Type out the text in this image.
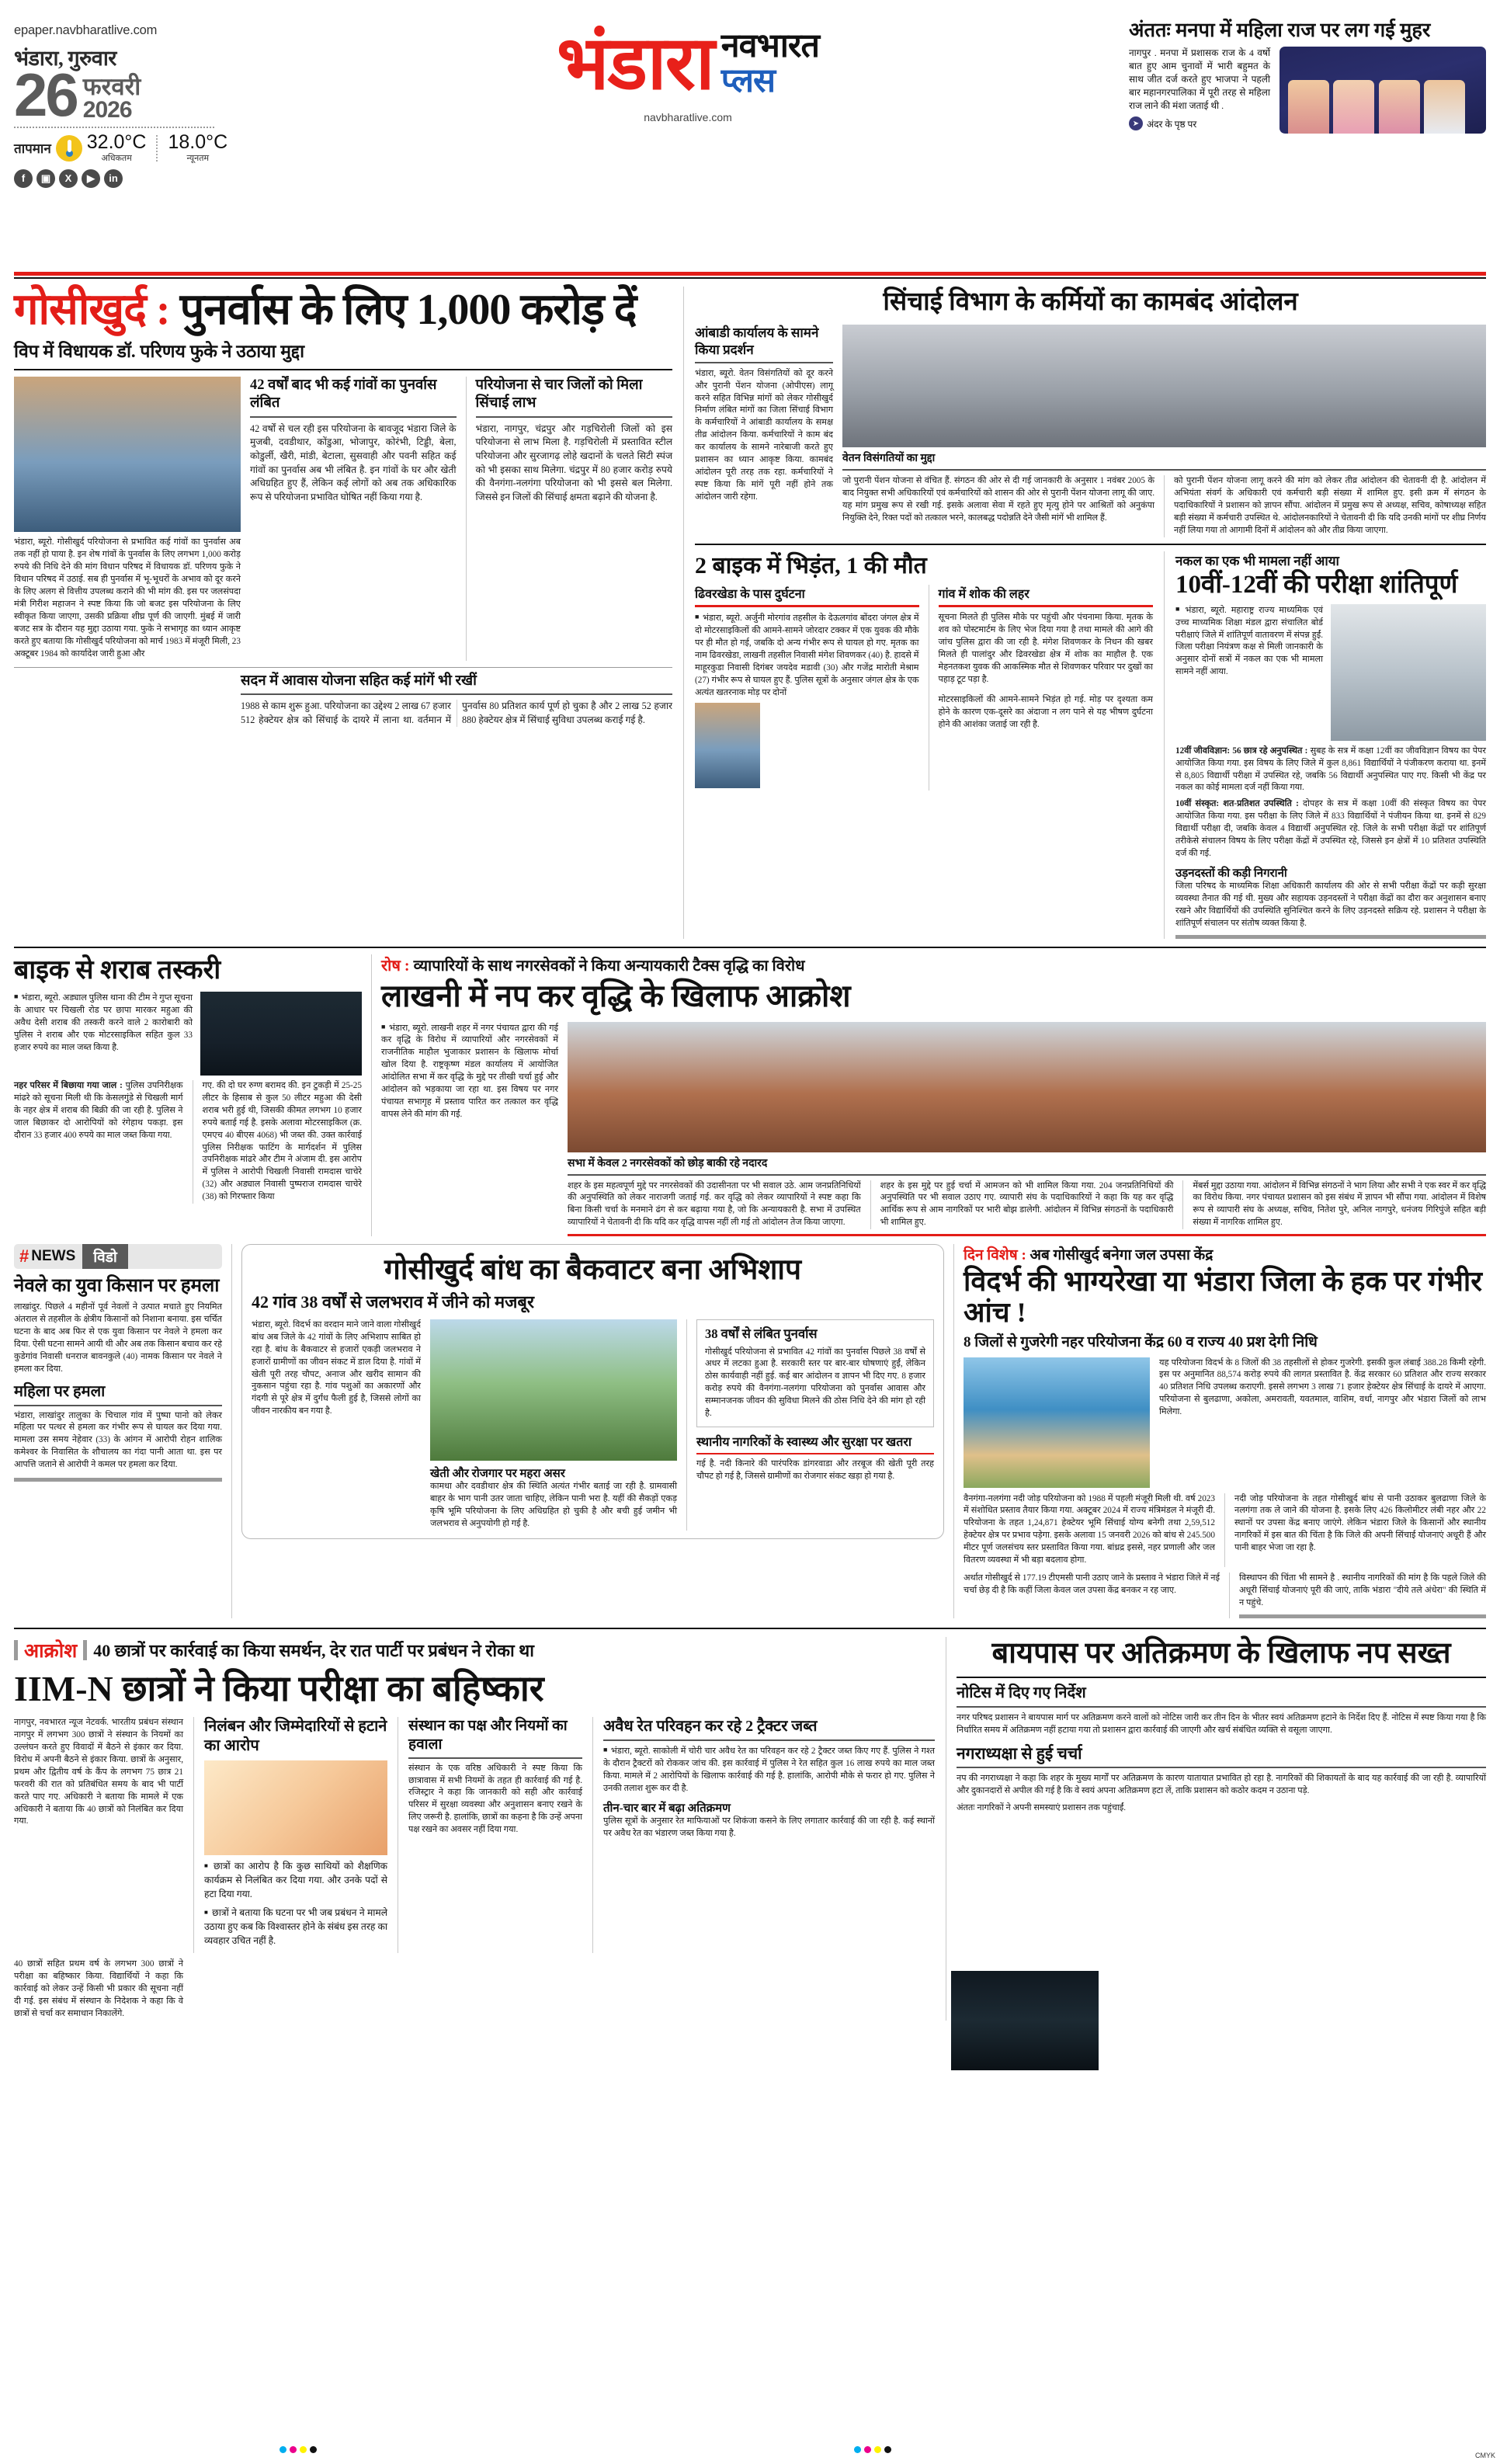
epaper.navbharatlive.com
भंडारा, गुरुवार
26 फरवरी
2026
तापमान 32.0°C
अधिकतम
18.0°C
न्यूनतम
f	▣	X	▶	in
भंडारा नवभारत
प्लस
navbharatlive.com
अंततः मनपा में महिला राज पर लग गई मुहर
नागपुर . मनपा में प्रशासक राज के 4 वर्षो बात हुए आम चुनावों में भारी बहुमत के साथ जीत दर्ज करते हुए भाजपा ने पहली बार महानगरपालिका में पूरी तरह से महिला राज लाने की मंशा जताई थी .
➤ अंदर के पृष्ठ पर
गोसीखुर्द : पुनर्वास के लिए 1,000 करोड़ दें
विप में विधायक डॉ. परिणय फुके ने उठाया मुद्दा
भंडारा, ब्यूरो. गोसीखुर्द परियोजना से प्रभावित कई गांवों का पुनर्वास अब तक नहीं हो पाया है. इन शेष गांवों के पुनर्वास के लिए लगभग 1,000 करोड़ रुपये की निधि देने की मांग विधान परिषद में विधायक डॉ. परिणय फुके ने विधान परिषद में उठाई. सब ही पुनर्वास में भू-भूधरों के अभाव को दूर करने के लिए अलग से वित्तीय उपलब्ध कराने की भी मांग की. इस पर जलसंपदा मंत्री गिरीश महाजन ने स्पष्ट किया कि जो बजट इस परियोजना के लिए स्वीकृत किया जाएगा, उसकी प्रक्रिया शीघ्र पूर्ण की जाएगी. मुंबई में जारी बजट सत्र के दौरान यह मुद्दा उठाया गया. फुके ने सभागृह का ध्यान आकृष्ट करते हुए बताया कि गोसीखुर्द परियोजना को मार्च 1983 में मंजूरी मिली, 23 अक्टूबर 1984 को कार्यादेश जारी हुआ और
42 वर्षों बाद भी कई गांवों का पुनर्वास लंबित
42 वर्षों से चल रही इस परियोजना के बावजूद भंडारा जिले के मुजबी, दवडीथार, कोंडुआ, भोजापुर, कोरंभी, टिड्डी, बेला, कोडुर्ली, खैरी, मांडी, बेटाला, सुसवाही और पवनी सहित कई गांवों का पुनर्वास अब भी लंबित है. इन गांवों के घर और खेती अधिग्रहित हुए हैं, लेकिन कई लोगों को अब तक अधिकारिक रूप से परियोजना प्रभावित घोषित नहीं किया गया है.
परियोजना से चार जिलों को मिला सिंचाई लाभ
भंडारा, नागपुर, चंद्रपुर और गड़चिरोली जिलों को इस परियोजना से लाभ मिला है. गड़चिरोली में प्रस्तावित स्टील परियोजना और सुरजागढ़ लोहे खदानों के चलते सिटी स्पंज को भी इसका साथ मिलेगा. चंद्रपुर में 80 हजार करोड़ रुपये की वैनगंगा-नलगंगा परियोजना को भी इससे बल मिलेगा. जिससे इन जिलों की सिंचाई क्षमता बढ़ाने की योजना है.
सदन में आवास योजना सहित कई मांगें भी रखीं
1988 से काम शुरू हुआ. परियोजना का उद्देश्य 2 लाख 67 हजार 512 हेक्टेयर क्षेत्र को सिंचाई के दायरे में लाना था. वर्तमान में पुनर्वास 80 प्रतिशत कार्य पूर्ण हो चुका है और 2 लाख 52 हजार 880 हेक्टेयर क्षेत्र में सिंचाई सुविधा उपलब्ध कराई गई है.
सिंचाई विभाग के कर्मियों का कामबंद आंदोलन
आंबाडी कार्यालय के सामने किया प्रदर्शन
भंडारा, ब्यूरो. वेतन विसंगतियों को दूर करने और पुरानी पेंशन योजना (ओपीएस) लागू करने सहित विभिन्न मांगों को लेकर गोसीखुर्द निर्माण लंबित मांगों का जिला सिंचाई विभाग के कर्मचारियों ने आंबाडी कार्यालय के समक्ष तीव्र आंदोलन किया. कर्मचारियों ने काम बंद कर कार्यालय के सामने नारेबाजी करते हुए प्रशासन का ध्यान आकृष्ट किया. कामबंद आंदोलन पूरी तरह तक रहा. कर्मचारियों ने स्पष्ट किया कि मांगें पूरी नहीं होने तक आंदोलन जारी रहेगा.
वेतन विसंगतियों का मुद्दा
जो पुरानी पेंशन योजना से वंचित हैं. संगठन की ओर से दी गई जानकारी के अनुसार 1 नवंबर 2005 के बाद नियुक्त सभी अधिकारियों एवं कर्मचारियों को शासन की ओर से पुरानी पेंशन योजना लागू की जाए. यह मांग प्रमुख रूप से रखी गई. इसके अलावा सेवा में रहते हुए मृत्यु होने पर आश्रितों को अनुकंपा नियुक्ति देने, रिक्त पदों को तत्काल भरने, कालबद्ध पदोन्नति देने जैसी मांगें भी शामिल हैं.
को पुरानी पेंशन योजना लागू करने की मांग को लेकर तीव्र आंदोलन की चेतावनी दी है. आंदोलन में अभियंता संवर्ग के अधिकारी एवं कर्मचारी बड़ी संख्या में शामिल हुए. इसी क्रम में संगठन के पदाधिकारियों ने प्रशासन को ज्ञापन सौंपा. आंदोलन में प्रमुख रूप से अध्यक्ष, सचिव, कोषाध्यक्ष सहित बड़ी संख्या में कर्मचारी उपस्थित थे. आंदोलनकारियों ने चेतावनी दी कि यदि उनकी मांगों पर शीघ्र निर्णय नहीं लिया गया तो आगामी दिनों में आंदोलन को और तीव्र किया जाएगा.
2 बाइक में भिड़ंत, 1 की मौत
ढिवरखेडा के पास दुर्घटना
■ भंडारा, ब्यूरो. अर्जुनी मोरगांव तहसील के देऊलगांव बोंदरा जंगल क्षेत्र में दो मोटरसाइकिलों की आमने-सामने जोरदार टक्कर में एक युवक की मौके पर ही मौत हो गई, जबकि दो अन्य गंभीर रूप से घायल हो गए. मृतक का नाम ढिवरखेडा, लाखनी तहसील निवासी मंगेश शिवणकर (40) है. हादसे में माहूरकुडा निवासी दिगंबर जयदेव मडावी (30) और गजेंद्र मारोती मेश्राम (27) गंभीर रूप से घायल हुए हैं. पुलिस सूत्रों के अनुसार जंगल क्षेत्र के एक अत्यंत खतरनाक मोड़ पर दोनों
गांव में शोक की लहर
सूचना मिलते ही पुलिस मौके पर पहुंची और पंचनामा किया. मृतक के शव को पोस्टमार्टम के लिए भेज दिया गया है तथा मामले की आगे की जांच पुलिस द्वारा की जा रही है. मंगेश शिवणकर के निधन की खबर मिलते ही पालांदुर और ढिवरखेडा क्षेत्र में शोक का माहौल है. एक मेहनतकश युवक की आकस्मिक मौत से शिवणकर परिवार पर दुखों का पहाड़ टूट पड़ा है.
मोटरसाइकिलों की आमने-सामने भिड़ंत हो गई. मोड़ पर दृश्यता कम होने के कारण एक-दूसरे का अंदाजा न लग पाने से यह भीषण दुर्घटना होने की आशंका जताई जा रही है.
नकल का एक भी मामला नहीं आया
10वीं-12वीं की परीक्षा शांतिपूर्ण
■ भंडारा, ब्यूरो. महाराष्ट्र राज्य माध्यमिक एवं उच्च माध्यमिक शिक्षा मंडल द्वारा संचालित बोर्ड परीक्षाएं जिले में शांतिपूर्ण वातावरण में संपन्न हुईं. जिला परीक्षा नियंत्रण कक्ष से मिली जानकारी के अनुसार दोनों सत्रों में नकल का एक भी मामला सामने नहीं आया.
12वीं जीवविज्ञान: 56 छात्र रहे अनुपस्थित : सुबह के सत्र में कक्षा 12वीं का जीवविज्ञान विषय का पेपर आयोजित किया गया. इस विषय के लिए जिले में कुल 8,861 विद्यार्थियों ने पंजीकरण कराया था. इनमें से 8,805 विद्यार्थी परीक्षा में उपस्थित रहे, जबकि 56 विद्यार्थी अनुपस्थित पाए गए. किसी भी केंद्र पर नकल का कोई मामला दर्ज नहीं किया गया.
10वीं संस्कृत: शत-प्रतिशत उपस्थिति : दोपहर के सत्र में कक्षा 10वीं की संस्कृत विषय का पेपर आयोजित किया गया. इस परीक्षा के लिए जिले में 833 विद्यार्थियों ने पंजीयन किया था. इनमें से 829 विद्यार्थी परीक्षा दी, जबकि केवल 4 विद्यार्थी अनुपस्थित रहे. जिले के सभी परीक्षा केंद्रों पर शांतिपूर्ण तरीकेसे संचालन विषय के लिए परीक्षा केंद्रों में उपस्थित रहे, जिससे इन क्षेत्रों में 10 प्रतिशत उपस्थिति दर्ज की गई.
उड़नदस्तों की कड़ी निगरानी
जिला परिषद के माध्यमिक शिक्षा अधिकारी कार्यालय की ओर से सभी परीक्षा केंद्रों पर कड़ी सुरक्षा व्यवस्था तैनात की गई थी. मुख्य और सहायक उड़नदस्तों ने परीक्षा केंद्रों का दौरा कर अनुशासन बनाए रखने और विद्यार्थियों की उपस्थिति सुनिश्चित करने के लिए उड़नदस्ते सक्रिय रहे. प्रशासन ने परीक्षा के शांतिपूर्ण संचालन पर संतोष व्यक्त किया है.
बाइक से शराब तस्करी
■ भंडारा, ब्यूरो. अड्याल पुलिस थाना की टीम ने गुप्त सूचना के आधार पर चिखली रोड पर छापा मारकर महुआ की अवैध देसी शराब की तस्करी करने वाले 2 कारोबारी को पुलिस ने शराब और एक मोटरसाइकिल सहित कुल 33 हजार रुपये का माल जब्त किया है.
नहर परिसर में बिछाया गया जाल : पुलिस उपनिरीक्षक मांढरे को सूचना मिली थी कि केसलगुंडे से चिखली मार्ग के नहर क्षेत्र में शराब की बिक्री की जा रही है. पुलिस ने जाल बिछाकर दो आरोपियों को रंगेहाथ पकड़ा. इस दौरान 33 हजार 400 रुपये का माल जब्त किया गया.
गए. की दो घर रुग्ण बरामद की. इन टुकड़ी में 25-25 लीटर के हिसाब से कुल 50 लीटर महुआ की देसी शराब भरी हुई थी, जिसकी कीमत लगभग 10 हजार रुपये बताई गई है. इसके अलावा मोटरसाइकिल (क्र. एमएच 40 बीएस 4068) भी जब्त की. उक्त कार्रवाई पुलिस निरीक्षक फाटिंग के मार्गदर्शन में पुलिस उपनिरीक्षक मांढरे और टीम ने अंजाम दी. इस आरोप में पुलिस ने आरोपी चिखली निवासी रामदास चाचेरे (32) और अड्याल निवासी पुष्पराज रामदास चाचेरे (38) को गिरफ्तार किया
रोष : व्यापारियों के साथ नगरसेवकों ने किया अन्यायकारी टैक्स वृद्धि का विरोध
लाखनी में नप कर वृद्धि के खिलाफ आक्रोश
■ भंडारा, ब्यूरो. लाखनी शहर में नगर पंचायत द्वारा की गई कर वृद्धि के विरोध में व्यापारियों और नगरसेवकों में राजनीतिक माहौल भुजाकार प्रशासन के खिलाफ मोर्चा खोल दिया है. राष्ट्रकृष्ण मंडल कार्यालय में आयोजित आंदोलित सभा में कर वृद्धि के मुद्दे पर तीखी चर्चा हुई और आंदोलन को भड़काया जा रहा था. इस विषय पर नगर पंचायत सभागृह में प्रस्ताव पारित कर तत्काल कर वृद्धि वापस लेने की मांग की गई.
सभा में केवल 2 नगरसेवकों को छोड़ बाकी रहे नदारद
शहर के इस महत्वपूर्ण मुद्दे पर नगरसेवकों की उदासीनता पर भी सवाल उठे. आम जनप्रतिनिधियों की अनुपस्थिति को लेकर नाराजगी जताई गई. कर वृद्धि को लेकर व्यापारियों ने स्पष्ट कहा कि बिना किसी चर्चा के मनमाने ढंग से कर बढ़ाया गया है, जो कि अन्यायकारी है. सभा में उपस्थित व्यापारियों ने चेतावनी दी कि यदि कर वृद्धि वापस नहीं ली गई तो आंदोलन तेज किया जाएगा.
शहर के इस मुद्दे पर हुई चर्चा में आमजन को भी शामिल किया गया. 204 जनप्रतिनिधियों की अनुपस्थिति पर भी सवाल उठाए गए. व्यापारी संघ के पदाधिकारियों ने कहा कि यह कर वृद्धि आर्थिक रूप से आम नागरिकों पर भारी बोझ डालेगी. आंदोलन में विभिन्न संगठनों के पदाधिकारी भी शामिल हुए.
मेंबर्स मुद्दा उठाया गया. आंदोलन में विभिन्न संगठनों ने भाग लिया और सभी ने एक स्वर में कर वृद्धि का विरोध किया. नगर पंचायत प्रशासन को इस संबंध में ज्ञापन भी सौंपा गया. आंदोलन में विशेष रूप से व्यापारी संघ के अध्यक्ष, सचिव, नितेश पुरे, अनिल नागपुरे, धनंजय गिरिपुंजे सहित बड़ी संख्या में नागरिक शामिल हुए.
# NEWS	विडो
नेवले का युवा किसान पर हमला
लाखांदुर. पिछले 4 महीनों पूर्व नेवलों ने उत्पात मचाते हुए नियमित अंतराल से तहसील के क्षेत्रीय किसानों को निशाना बनाया. इस चर्चित घटना के बाद अब फिर से एक युवा किसान पर नेवले ने हमला कर दिया. ऐसी घटना सामने आयी थी और अब तक किसान बचाव कर रहे कुडेगांव निवासी धनराज बावनकुले (40) नामक किसान पर नेवले ने हमला कर दिया.
महिला पर हमला
भंडारा, लाखांदुर तालुका के चिचाल गांव में पुष्पा पानो को लेकर महिला पर पत्थर से हमला कर गंभीर रूप से घायल कर दिया गया. मामला उस समय नेहेवार (33) के आंगन में आरोपी रोहन शालिक कमेश्वर के निवासित के शौचालय का गंदा पानी आता था. इस पर आपत्ति जताने से आरोपी ने कमल पर हमला कर दिया.
गोसीखुर्द बांध का बैकवाटर बना अभिशाप
42 गांव 38 वर्षों से जलभराव में जीने को मजबूर
भंडारा, ब्यूरो. विदर्भ का वरदान माने जाने वाला गोसीखुर्द बांध अब जिले के 42 गांवों के लिए अभिशाप साबित हो रहा है. बांध के बैकवाटर से हजारों एकड़ी जलभराव ने हजारों ग्रामीणों का जीवन संकट में डाल दिया है. गांवों में खेती पूरी तरह चौपट, अनाज और खरीद सामान की नुकसान पहुंचा रहा है. गांव पशुओं का अकारणों और गंदगी से पूरे क्षेत्र में दुर्गंध फैली हुई है, जिससे लोगों का जीवन नारकीय बन गया है.
खेती और रोजगार पर महरा असर
कामधा और दवडीथार क्षेत्र की स्थिति अत्यंत गंभीर बताई जा रही है. ग्रामवासी बाहर के भाग पानी उतर जाता चाहिए, लेकिन पानी भरा है. यहीं की सैकड़ों एकड़ कृषि भूमि परियोजना के लिए अधिग्रहित हो चुकी है और बची हुई जमीन भी जलभराव से अनुपयोगी हो गई है.
38 वर्षों से लंबित पुनर्वास
गोसीखुर्द परियोजना से प्रभावित 42 गांवों का पुनर्वास पिछले 38 वर्षों से अधर में लटका हुआ है. सरकारी स्तर पर बार-बार घोषणाएं हुईं, लेकिन ठोस कार्यवाही नहीं हुई. कई बार आंदोलन व ज्ञापन भी दिए गए. 8 हजार करोड़ रुपये की वैनगंगा-नलगंगा परियोजना को पुनर्वास आवास और सम्मानजनक जीवन की सुविधा मिलने की ठोस निधि देने की मांग हो रही है.
स्थानीय नागरिकों के स्वास्थ्य और सुरक्षा पर खतरा
गई है. नदी किनारे की पारंपरिक डांगरवाडा और तरबूज की खेती पूरी तरह चौपट हो गई है, जिससे ग्रामीणों का रोजगार संकट खड़ा हो गया है.
दिन विशेष : अब गोसीखुर्द बनेगा जल उपसा केंद्र
विदर्भ की भाग्यरेखा या भंडारा जिला के हक पर गंभीर आंच !
8 जिलों से गुजरेगी नहर परियोजना केंद्र 60 व राज्य 40 प्रश देगी निधि
यह परियोजना विदर्भ के 8 जिलों की 38 तहसीलों से होकर गुजरेगी. इसकी कुल लंबाई 388.28 किमी रहेगी. इस पर अनुमानित 88,574 करोड़ रुपये की लागत प्रस्तावित है. केंद्र सरकार 60 प्रतिशत और राज्य सरकार 40 प्रतिशत निधि उपलब्ध कराएगी. इससे लगभग 3 लाख 71 हजार हेक्टेयर क्षेत्र सिंचाई के दायरे में आएगा. परियोजना से बुलढाणा, अकोला, अमरावती, यवतमाल, वाशिम, वर्धा, नागपुर और भंडारा जिलों को लाभ मिलेगा.
वैनगंगा-नलगंगा नदी जोड़ परियोजना को 1988 में पहली मंजूरी मिली थी. वर्ष 2023 में संशोधित प्रस्ताव तैयार किया गया. अक्टूबर 2024 में राज्य मंत्रिमंडल ने मंजूरी दी. परियोजना के तहत 1,24,871 हेक्टेयर भूमि सिंचाई योग्य बनेगी तथा 2,59,512 हेक्टेयर क्षेत्र पर प्रभाव पड़ेगा. इसके अलावा 15 जनवरी 2026 को बांध से 245.500 मीटर पूर्ण जलसंचय स्तर प्रस्तावित किया गया. बांध्रद्र इससे, नहर प्रणाली और जल वितरण व्यवस्था में भी बड़ा बदलाव होगा.
नदी जोड़ परियोजना के तहत गोसीखुर्द बांध से पानी उठाकर बुलढाणा जिले के नलगंगा तक ले जाने की योजना है. इसके लिए 426 किलोमीटर लंबी नहर और 22 स्थानों पर उपसा केंद्र बनाए जाएंगे. लेकिन भंडारा जिले के किसानों और स्थानीय नागरिकों में इस बात की चिंता है कि जिले की अपनी सिंचाई योजनाएं अधूरी हैं और पानी बाहर भेजा जा रहा है.
अर्थात गोसीखुर्द से 177.19 टीएमसी पानी उठाए जाने के प्रस्ताव ने भंडारा जिले में नई चर्चा छेड़ दी है कि कहीं जिला केवल जल उपसा केंद्र बनकर न रह जाए.
विस्थापन की चिंता भी सामने है . स्थानीय नागरिकों की मांग है कि पहले जिले की अधूरी सिंचाई योजनाएं पूरी की जाएं, ताकि भंडारा "दीये तले अंधेरा" की स्थिति में न पहुंचे.
आक्रोश 40 छात्रों पर कार्रवाई का किया समर्थन, देर रात पार्टी पर प्रबंधन ने रोका था
IIM-N छात्रों ने किया परीक्षा का बहिष्कार
नागपुर, नवभारत न्यूज नेटवर्क. भारतीय प्रबंधन संस्थान नागपुर में लगभग 300 छात्रों ने संस्थान के नियमों का उल्लंघन करते हुए विवादों में बैठने से इंकार कर दिया. विरोध में अपनी बैठने से इंकार किया. छात्रों के अनुसार, प्रथम और द्वितीय वर्ष के कैंप के लगभग 75 छात्र 21 फरवरी की रात को प्रतिबंधित समय के बाद भी पार्टी करते पाए गए. अधिकारी ने बताया कि मामले में एक अधिकारी ने बताया कि 40 छात्रों को निलंबित कर दिया गया.
निलंबन और जिम्मेदारियों से हटाने का आरोप
■ छात्रों का आरोप है कि कुछ साथियों को शैक्षणिक कार्यक्रम से निलंबित कर दिया गया. और उनके पदों से हटा दिया गया.
■ छात्रों ने बताया कि घटना पर भी जब प्रबंधन ने मामले उठाया हुए कब कि विश्वास्तर होने के संबंध इस तरह का व्यवहार उचित नहीं है.
संस्थान का पक्ष और नियमों का हवाला
संस्थान के एक वरिष्ठ अधिकारी ने स्पष्ट किया कि छात्रावास में सभी नियमों के तहत ही कार्रवाई की गई है. रजिस्ट्रार ने कहा कि जानकारी को सही और कार्रवाई परिसर में सुरक्षा व्यवस्था और अनुशासन बनाए रखने के लिए जरूरी है. हालांकि, छात्रों का कहना है कि उन्हें अपना पक्ष रखने का अवसर नहीं दिया गया.
अवैध रेत परिवहन कर रहे 2 ट्रैक्टर जब्त
■ भंडारा, ब्यूरो. साकोली में चोरी चार अवैध रेत का परिवहन कर रहे 2 ट्रैक्टर जब्त किए गए हैं. पुलिस ने गश्त के दौरान ट्रैक्टरों को रोककर जांच की. इस कार्रवाई में पुलिस ने रेत सहित कुल 16 लाख रुपये का माल जब्त किया. मामले में 2 आरोपियों के खिलाफ कार्रवाई की गई है. हालांकि, आरोपी मौके से फरार हो गए. पुलिस ने उनकी तलाश शुरू कर दी है.
तीन-चार बार में बढ़ा अतिक्रमण
पुलिस सूत्रों के अनुसार रेत माफियाओं पर शिकंजा कसने के लिए लगातार कार्रवाई की जा रही है. कई स्थानों पर अवैध रेत का भंडारण जब्त किया गया है.
40 छात्रों सहित प्रथम वर्ष के लगभग 300 छात्रों ने परीक्षा का बहिष्कार किया. विद्यार्थियों ने कहा कि कार्रवाई को लेकर उन्हें किसी भी प्रकार की सूचना नहीं दी गई. इस संबंध में संस्थान के निदेशक ने कहा कि वे छात्रों से चर्चा कर समाधान निकालेंगे.
बायपास पर अतिक्रमण के खिलाफ नप सख्त
नोटिस में दिए गए निर्देश
नगर परिषद प्रशासन ने बायपास मार्ग पर अतिक्रमण करने वालों को नोटिस जारी कर तीन दिन के भीतर स्वयं अतिक्रमण हटाने के निर्देश दिए हैं. नोटिस में स्पष्ट किया गया है कि निर्धारित समय में अतिक्रमण नहीं हटाया गया तो प्रशासन द्वारा कार्रवाई की जाएगी और खर्च संबंधित व्यक्ति से वसूला जाएगा.
नगराध्यक्षा से हुई चर्चा
नप की नगराध्यक्षा ने कहा कि शहर के मुख्य मार्गों पर अतिक्रमण के कारण यातायात प्रभावित हो रहा है. नागरिकों की शिकायतों के बाद यह कार्रवाई की जा रही है. व्यापारियों और दुकानदारों से अपील की गई है कि वे स्वयं अपना अतिक्रमण हटा लें, ताकि प्रशासन को कठोर कदम न उठाना पड़े.
अंततः नागरिकों ने अपनी समस्याएं प्रशासन तक पहुंचाईं.
CMYK
